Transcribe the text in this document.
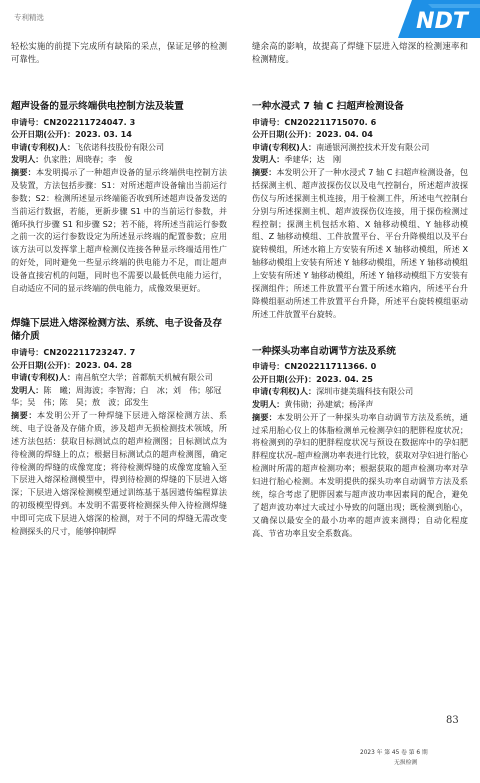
专利精选	NDT

轻松实施的前提下完成所有缺陷的采点，保证足够的检测可靠性。

超声设备的显示终端供电控制方法及装置

申请号：CN202211724047. 3

公开日期(公开)：2023. 03. 14

申请(专利权)人：飞依诺科技股份有限公司

发明人：仇家胜；周晓春；李　俊

摘要：本发明揭示了一种超声设备的显示终端供电控制方法及装置，方法包括步骤：S1：对所述超声设备输出当前运行参数；S2：检测所述显示终端能否收到所述超声设备发送的当前运行数据，若能，更新步骤 S1 中的当前运行参数，并循环执行步骤 S1 和步骤 S2；若不能，将所述当前运行参数之前一次的运行参数设定为所述显示终端的配置参数；应用该方法可以发挥掌上超声检测仪连接各种显示终端适用性广的好处，同时避免一些显示终端的供电能力不足，而让超声设备直接宕机的问题，同时也不需要以最低供电能力运行，自动适应不同的显示终端的供电能力，成像效果更好。

焊缝下层进入熔深检测方法、系统、电子设备及存储介质

申请号：CN202211723247. 7

公开日期(公开)：2023. 04. 28

申请(专利权)人：南昌航空大学；首都航天机械有限公司

发明人：陈　曦；周海波；李智海；白　冰；刘　伟；邬冠华；吴　伟；陈　昊；敖　波；邱发生

摘要：本发明公开了一种焊缝下层进入熔深检测方法、系统、电子设备及存储介质，涉及超声无损检测技术领域，所述方法包括：获取目标测试点的超声检测图；目标测试点为待检测的焊缝上的点；根据目标测试点的超声检测图，确定待检测的焊缝的成像宽度；将待检测焊缝的成像宽度输入至下层进入熔深检测模型中，得到待检测的焊缝的下层进入熔深；下层进入熔深检测模型通过训练基于基因遗传编程算法的初级模型得到。本发明不需要将检测探头伸入待检测焊缝中即可完成下层进入熔深的检测，对于不同的焊缝无需改变检测探头的尺寸，能够抑制焊

缝余高的影响，故提高了焊缝下层进入熔深的检测速率和检测精度。

一种水浸式 7 轴 C 扫超声检测设备

申请号：CN202211715070. 6

公开日期(公开)：2023. 04. 04

申请(专利权)人：南通银河测控技术开发有限公司

发明人：季建华；达　刚

摘要：本发明公开了一种水浸式 7 轴 C 扫超声检测设备，包括探测主机、超声波探伤仪以及电气控制台，所述超声波探伤仪与所述探测主机连接，用于检测工件，所述电气控制台分别与所述探测主机、超声波探伤仪连接，用于探伤检测过程控制；探测主机包括水箱、X 轴移动模组、Y 轴移动模组、Z 轴移动模组、工件放置平台、平台升降模组以及平台旋转模组，所述水箱上方安装有所述 X 轴移动模组，所述 X 轴移动模组上安装有所述 Y 轴移动模组，所述 Y 轴移动模组上安装有所述 Y 轴移动模组，所述 Y 轴移动模组下方安装有探测组件；所述工件放置平台置于所述水箱内，所述平台升降模组驱动所述工件放置平台升降，所述平台旋转模组驱动所述工件放置平台旋转。

一种探头功率自动调节方法及系统

申请号：CN202211711366. 0

公开日期(公开)：2023. 04. 25

申请(专利权)人：深圳市捷美瑞科技有限公司

发明人：黄伟勋；孙建斌；杨泽声

摘要：本发明公开了一种探头功率自动调节方法及系统，通过采用胎心仪上的体脂检测单元检测孕妇的肥胖程度状况；将检测到的孕妇的肥胖程度状况与预设在数据库中的孕妇肥胖程度状况–超声检测功率表进行比较，获取对孕妇进行胎心检测时所需的超声检测功率；根据获取的超声检测功率对孕妇进行胎心检测。本发明提供的探头功率自动调节方法及系统，综合考虑了肥胖因素与超声波功率因素间的配合，避免了超声波功率过大或过小导致的问题出现；既检测到胎心，又确保以最安全的最小功率的超声波来测得；自动化程度高、节省功率且安全系数高。

83
2023 年 第 45 卷 第 6 期
无损检测
